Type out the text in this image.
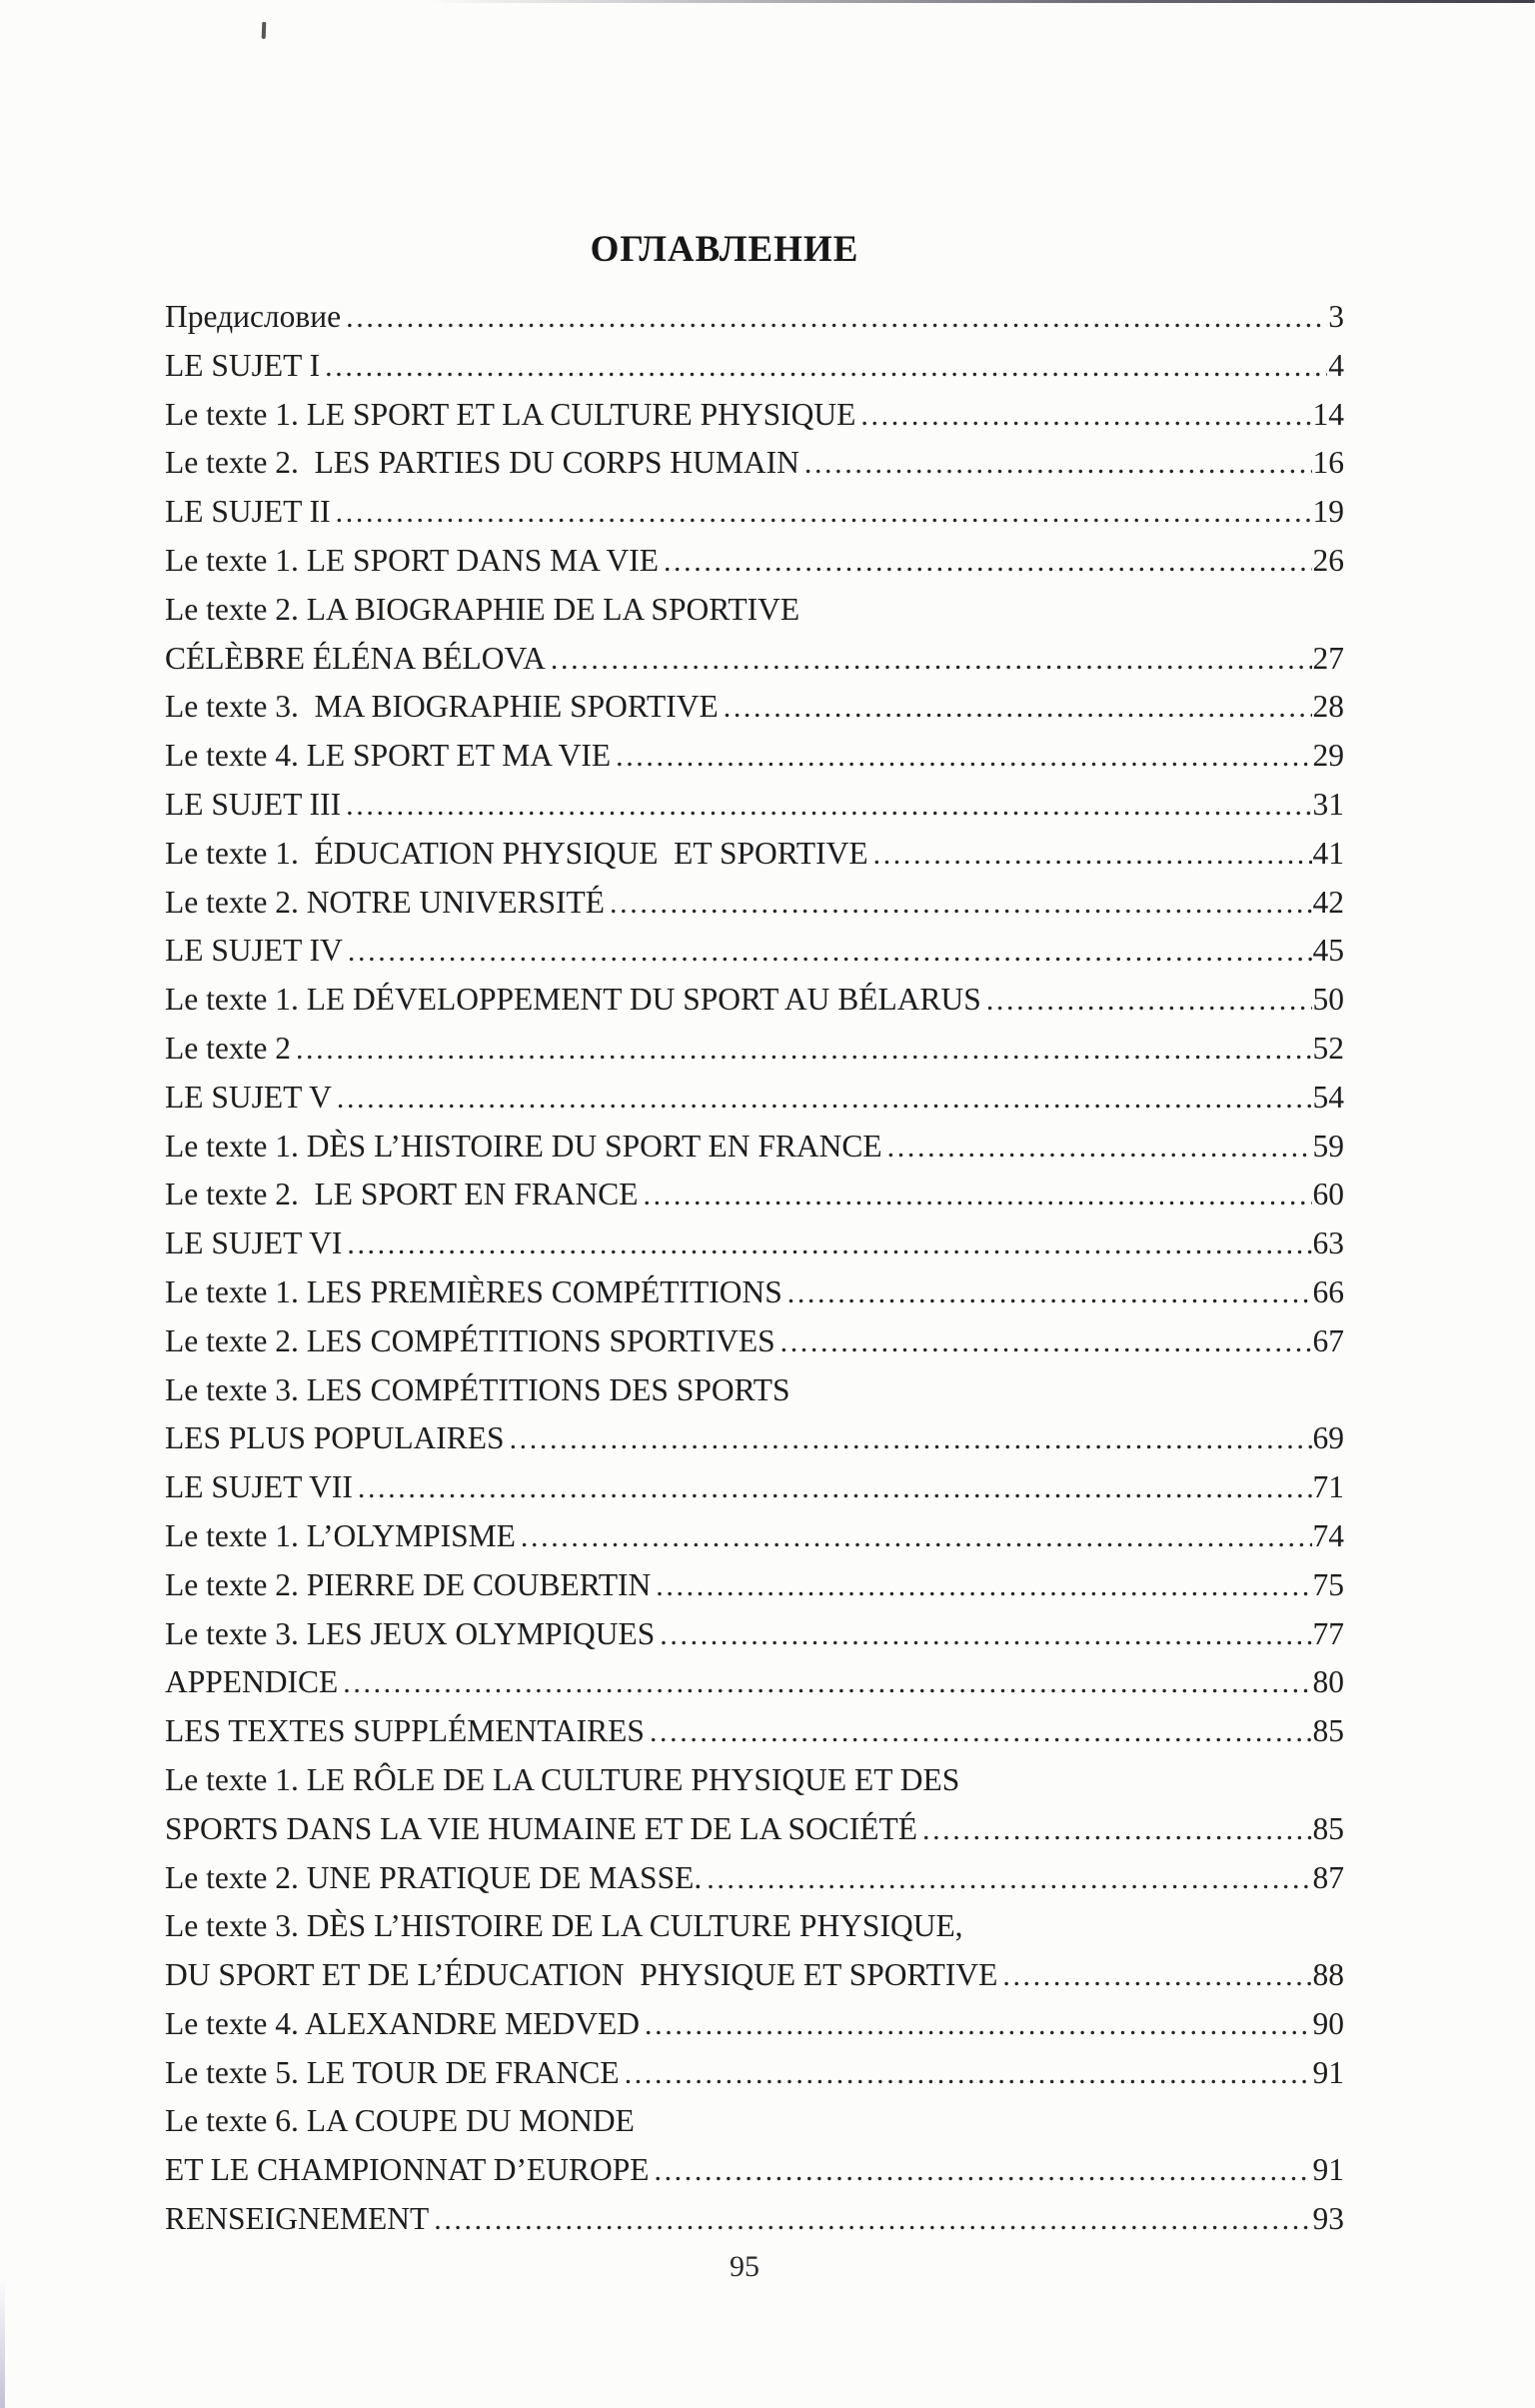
ОГЛАВЛЕНИЕ
Предисловие .....	3
LE SUJET I .....	4
Le texte 1. LE SPORT ET LA CULTURE PHYSIQUE .....	14
Le texte 2.  LES PARTIES DU CORPS HUMAIN .....	16
LE SUJET II .....	19
Le texte 1. LE SPORT DANS MA VIE .....	26
Le texte 2. LA BIOGRAPHIE DE LA SPORTIVE
CÉLÈBRE ÉLÉNA BÉLOVA .....	27
Le texte 3.  MA BIOGRAPHIE SPORTIVE .....	28
Le texte 4. LE SPORT ET MA VIE .....	29
LE SUJET III .....	31
Le texte 1.  ÉDUCATION PHYSIQUE  ET SPORTIVE .....	41
Le texte 2. NOTRE UNIVERSITÉ .....	42
LE SUJET IV .....	45
Le texte 1. LE DÉVELOPPEMENT DU SPORT AU BÉLARUS .....	50
Le texte 2 .....	52
LE SUJET V .....	54
Le texte 1. DÈS L’HISTOIRE DU SPORT EN FRANCE .....	59
Le texte 2.  LE SPORT EN FRANCE .....	60
LE SUJET VI .....	63
Le texte 1. LES PREMIÈRES COMPÉTITIONS .....	66
Le texte 2. LES COMPÉTITIONS SPORTIVES .....	67
Le texte 3. LES COMPÉTITIONS DES SPORTS
LES PLUS POPULAIRES .....	69
LE SUJET VII .....	71
Le texte 1. L’OLYMPISME .....	74
Le texte 2. PIERRE DE COUBERTIN .....	75
Le texte 3. LES JEUX OLYMPIQUES .....	77
APPENDICE .....	80
LES TEXTES SUPPLÉMENTAIRES .....	85
Le texte 1. LE RÔLE DE LA CULTURE PHYSIQUE ET DES
SPORTS DANS LA VIE HUMAINE ET DE LA SOCIÉTÉ .....	85
Le texte 2. UNE PRATIQUE DE MASSE. .....	87
Le texte 3. DÈS L’HISTOIRE DE LA CULTURE PHYSIQUE,
DU SPORT ET DE L’ÉDUCATION  PHYSIQUE ET SPORTIVE .....	88
Le texte 4. ALEXANDRE MEDVED .....	90
Le texte 5. LE TOUR DE FRANCE .....	91
Le texte 6. LA COUPE DU MONDE
ET LE CHAMPIONNAT D’EUROPE .....	91
RENSEIGNEMENT .....	93
95
